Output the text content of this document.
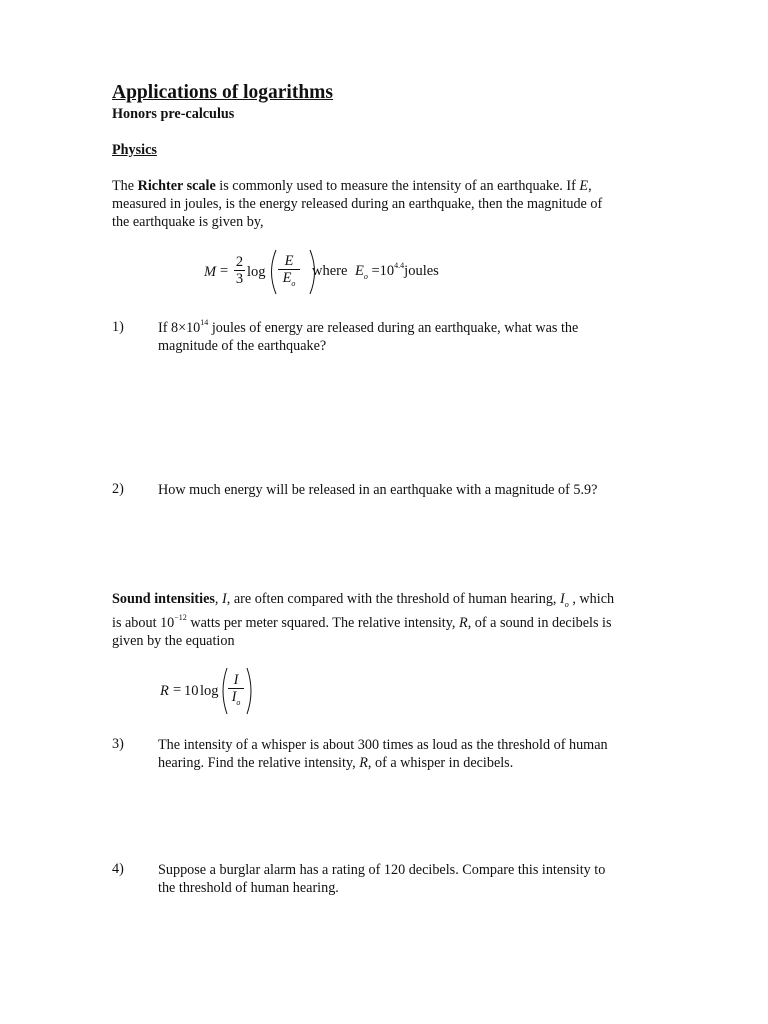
Applications of logarithms
Honors pre-calculus
Physics
The Richter scale is commonly used to measure the intensity of an earthquake. If E,
measured in joules, is the energy released during an earthquake, then the magnitude of
the earthquake is given by,
M =
2
3 log
E
$E_o$
where $E_o$ $=10^{4.4}joules$
1) If $8\times 10^{14}$ joules of energy are released during an earthquake, what was the
magnitude of the earthquake?
2) How much energy will be released in an earthquake with a magnitude of 5.9?
Sound intensities, I, are often compared with the threshold of human hearing, $I_o$ , which
is about $10^{-12}$ watts per meter squared. The relative intensity, R, of a sound in decibels is
given by the equation
R = 10 log
I
$I_o$
3) The intensity of a whisper is about 300 times as loud as the threshold of human
hearing. Find the relative intensity, R, of a whisper in decibels.
4) Suppose a burglar alarm has a rating of 120 decibels. Compare this intensity to
the threshold of human hearing.
